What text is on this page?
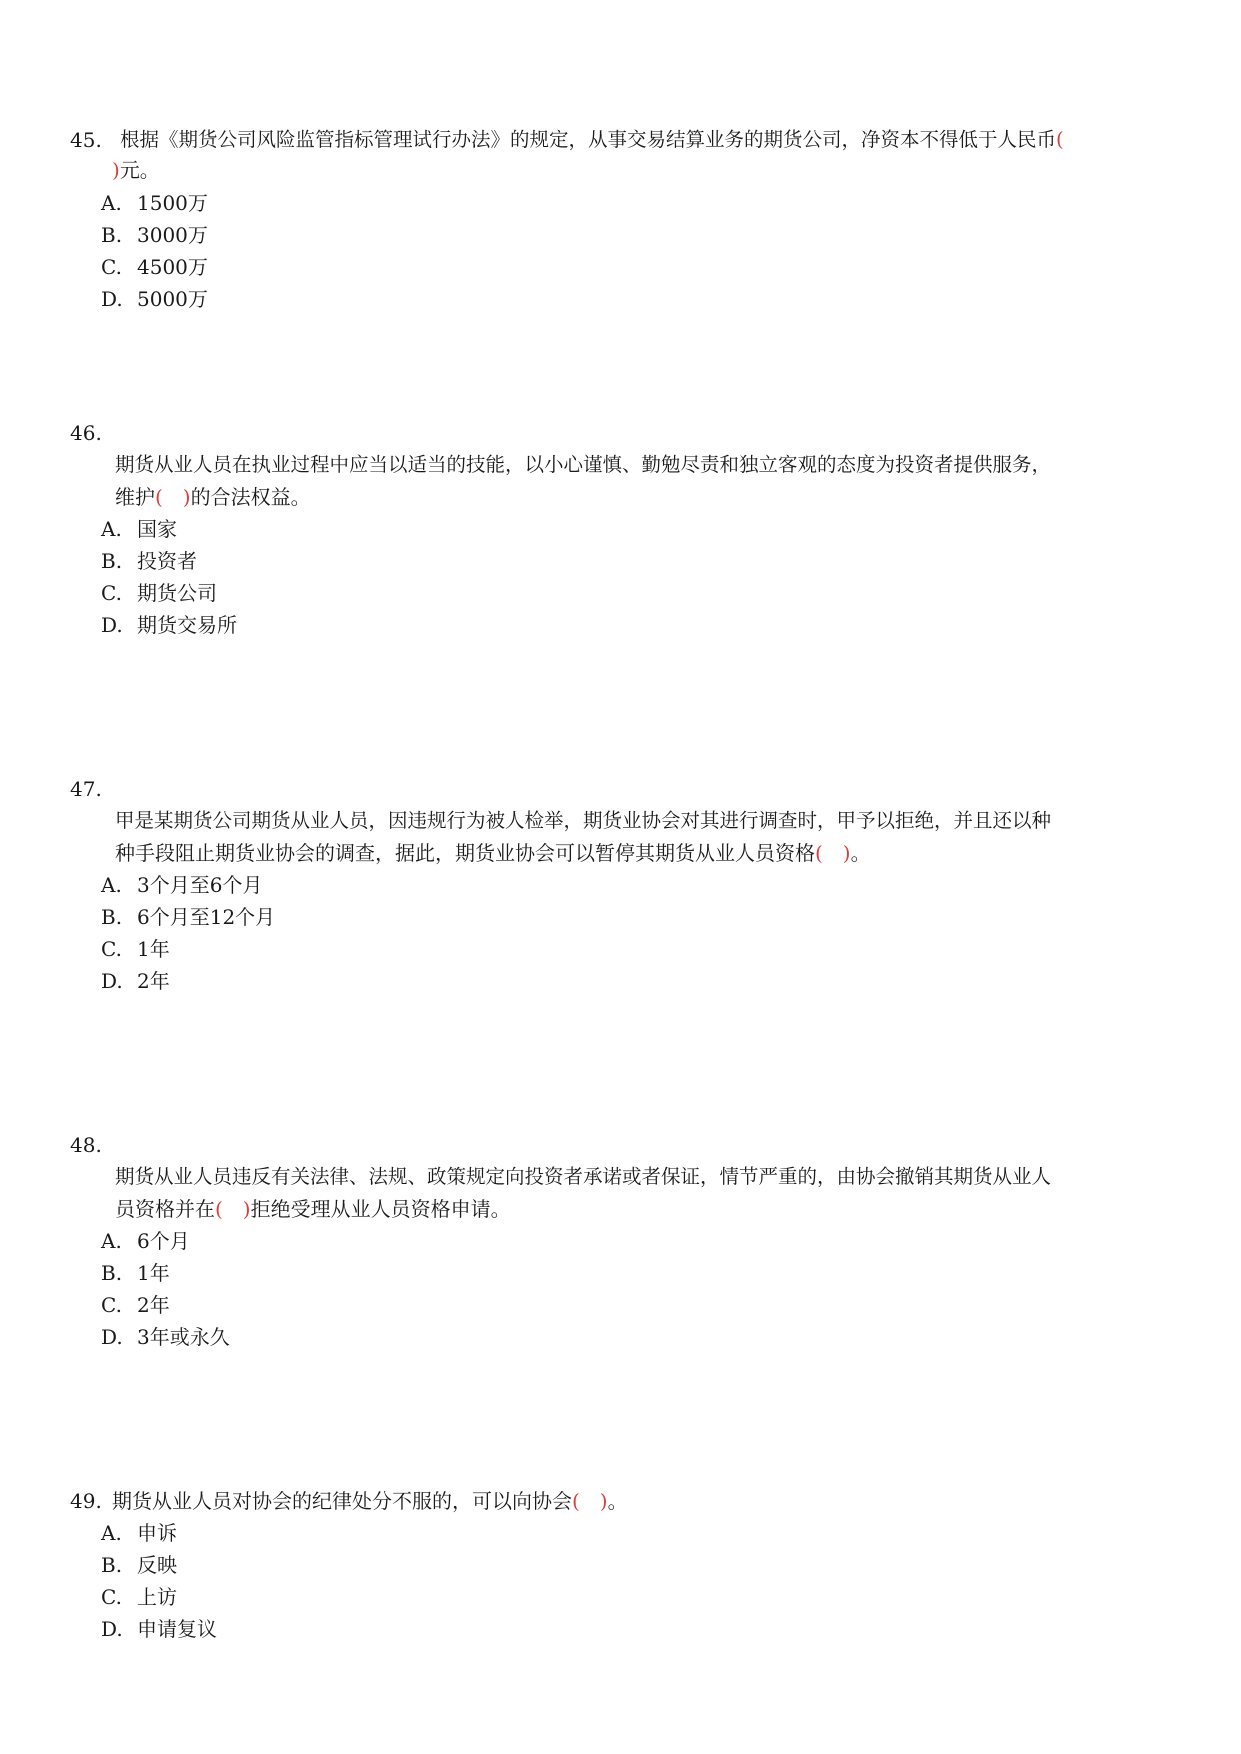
45. 根据《期货公司风险监管指标管理试行办法》的规定，从事交易结算业务的期货公司，净资本不得低于人民币(
)元。
A. 1500万
B. 3000万
C. 4500万
D. 5000万
46.
期货从业人员在执业过程中应当以适当的技能，以小心谨慎、勤勉尽责和独立客观的态度为投资者提供服务，
维护(　)的合法权益。
A. 国家
B. 投资者
C. 期货公司
D. 期货交易所
47.
甲是某期货公司期货从业人员，因违规行为被人检举，期货业协会对其进行调查时，甲予以拒绝，并且还以种
种手段阻止期货业协会的调查，据此，期货业协会可以暂停其期货从业人员资格(　)。
A. 3个月至6个月
B. 6个月至12个月
C. 1年
D. 2年
48.
期货从业人员违反有关法律、法规、政策规定向投资者承诺或者保证，情节严重的，由协会撤销其期货从业人
员资格并在(　)拒绝受理从业人员资格申请。
A. 6个月
B. 1年
C. 2年
D. 3年或永久
49. 期货从业人员对协会的纪律处分不服的，可以向协会(　)。
A. 申诉
B. 反映
C. 上访
D. 申请复议
